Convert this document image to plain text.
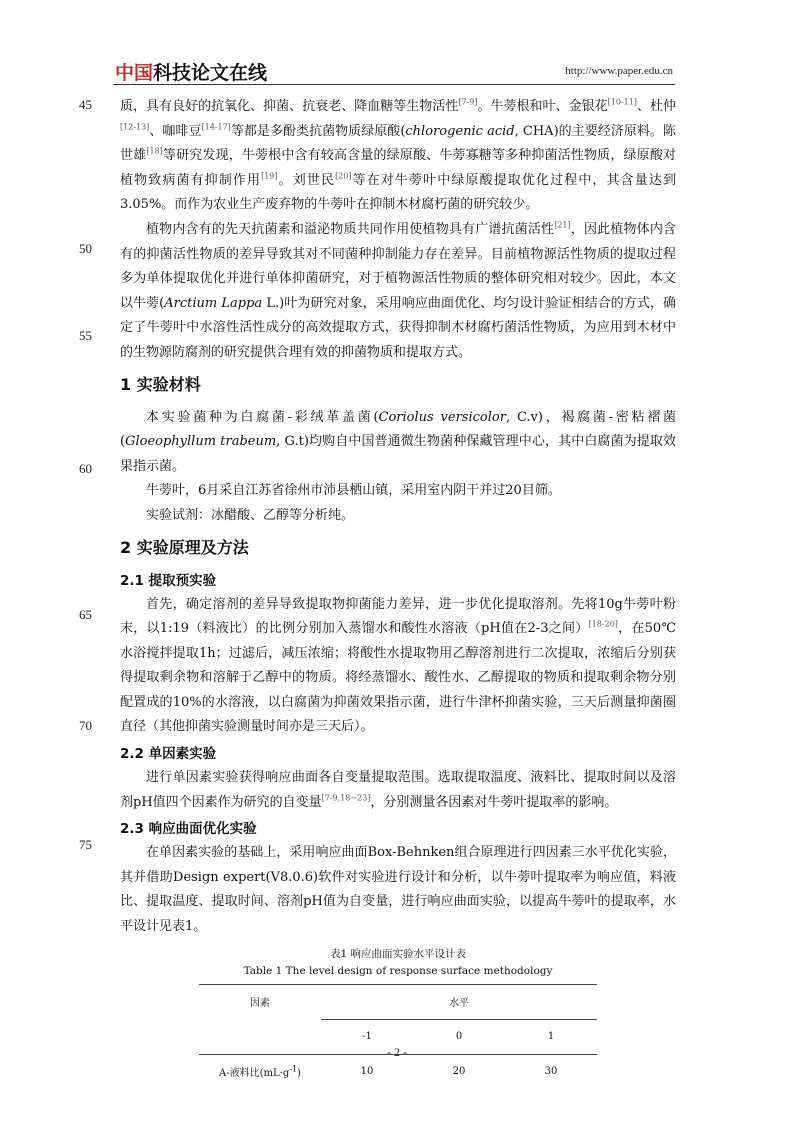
中国科技论文在线	http://www.paper.edu.cn
45
50
55
60
65
70
75

质，具有良好的抗氧化、抑菌、抗衰老、降血糖等生物活性[7-9]。牛蒡根和叶、金银花[10-11]、杜仲[12-13]、咖啡豆[14-17]等都是多酚类抗菌物质绿原酸(chlorogenic acid, CHA)的主要经济原料。陈世雄[18]等研究发现，牛蒡根中含有较高含量的绿原酸、牛蒡寡糖等多种抑菌活性物质，绿原酸对植物致病菌有抑制作用[19]。刘世民[20]等在对牛蒡叶中绿原酸提取优化过程中，其含量达到3.05%。而作为农业生产废弃物的牛蒡叶在抑制木材腐朽菌的研究较少。

植物内含有的先天抗菌素和溢泌物质共同作用使植物具有广谱抗菌活性[21]，因此植物体内含有的抑菌活性物质的差异导致其对不同菌种抑制能力存在差异。目前植物源活性物质的提取过程多为单体提取优化并进行单体抑菌研究，对于植物源活性物质的整体研究相对较少。因此，本文以牛蒡(Arctium Lappa L.)叶为研究对象，采用响应曲面优化、均匀设计验证相结合的方式，确定了牛蒡叶中水溶性活性成分的高效提取方式，获得抑制木材腐朽菌活性物质，为应用到木材中的生物源防腐剂的研究提供合理有效的抑菌物质和提取方式。

1 实验材料

本实验菌种为白腐菌-彩绒革盖菌(Coriolus versicolor, C.v)，褐腐菌-密粘褶菌(Gloeophyllum trabeum, G.t)均购自中国普通微生物菌种保藏管理中心，其中白腐菌为提取效果指示菌。

牛蒡叶，6月采自江苏省徐州市沛县栖山镇，采用室内阴干并过20目筛。

实验试剂：冰醋酸、乙醇等分析纯。

2 实验原理及方法
2.1 提取预实验

首先，确定溶剂的差异导致提取物抑菌能力差异，进一步优化提取溶剂。先将10g牛蒡叶粉末，以1:19（料液比）的比例分别加入蒸馏水和酸性水溶液（pH值在2-3之间）[18-20]，在50℃水浴搅拌提取1h；过滤后，减压浓缩；将酸性水提取物用乙醇溶剂进行二次提取，浓缩后分别获得提取剩余物和溶解于乙醇中的物质。将经蒸馏水、酸性水、乙醇提取的物质和提取剩余物分别配置成的10%的水溶液，以白腐菌为抑菌效果指示菌，进行牛津杯抑菌实验，三天后测量抑菌圈直径（其他抑菌实验测量时间亦是三天后）。

2.2 单因素实验

进行单因素实验获得响应曲面各自变量提取范围。选取提取温度、液料比、提取时间以及溶剂pH值四个因素作为研究的自变量[7-9,18−23]，分别测量各因素对牛蒡叶提取率的影响。

2.3 响应曲面优化实验

在单因素实验的基础上，采用响应曲面Box-Behnken组合原理进行四因素三水平优化实验，其并借助Design expert(V8.0.6)软件对实验进行设计和分析，以牛蒡叶提取率为响应值，料液比、提取温度、提取时间、溶剂pH值为自变量，进行响应曲面实验，以提高牛蒡叶的提取率，水平设计见表1。

表1 响应曲面实验水平设计表
Table 1 The level design of response surface methodology
因素	水平		
	-1	0	1
A-液料比$(mL\cdot g^{-1})$	10	20	30
- 2 -
